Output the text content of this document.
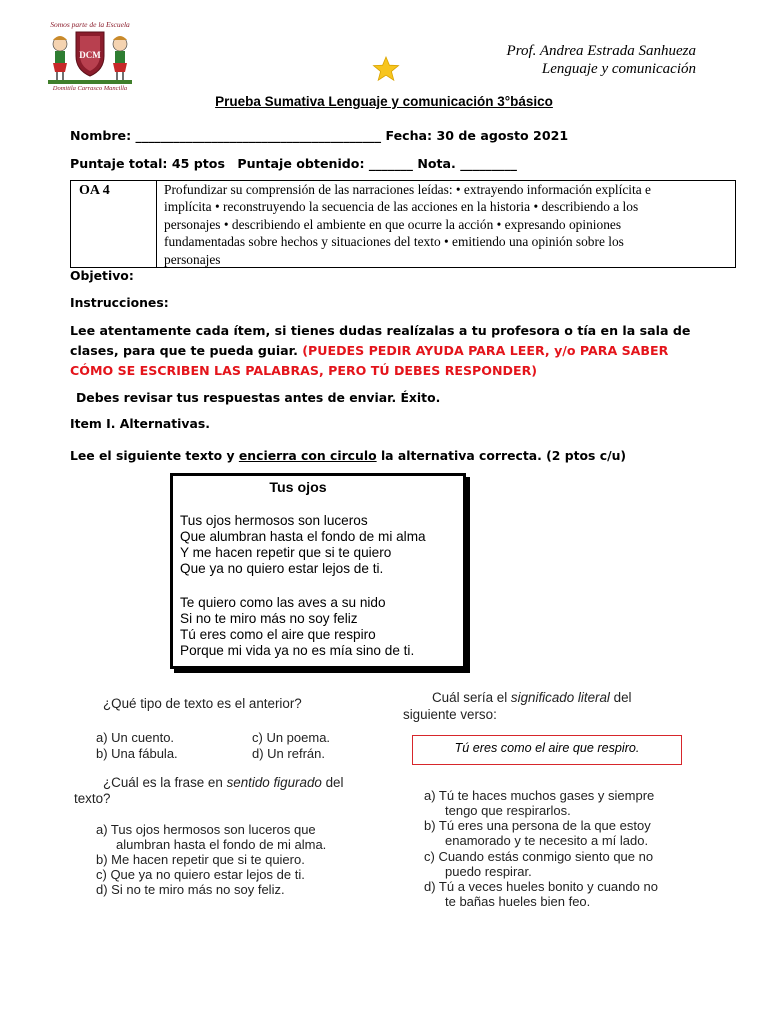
Somos parte de la Escuela
DCM
Domitila Carrasco Mancilla
Prof. Andrea Estrada Sanhueza
Lenguaje y comunicación
Prueba Sumativa Lenguaje y comunicación 3°básico
Nombre: _______________________________________ Fecha: 30 de agosto 2021
Puntaje total: 45 ptos Puntaje obtenido: _______ Nota. _________
OA 4	Profundizar su comprensión de las narraciones leídas: • extrayendo información explícita e
implícita • reconstruyendo la secuencia de las acciones en la historia • describiendo a los
personajes • describiendo el ambiente en que ocurre la acción • expresando opiniones
fundamentadas sobre hechos y situaciones del texto • emitiendo una opinión sobre los
personajes
Objetivo:
Instrucciones:
Lee atentamente cada ítem, si tienes dudas realízalas a tu profesora o tía en la sala de clases, para que te pueda guiar. (PUEDES PEDIR AYUDA PARA LEER, y/o PARA SABER CÓMO SE ESCRIBEN LAS PALABRAS, PERO TÚ DEBES RESPONDER)
Debes revisar tus respuestas antes de enviar. Éxito.
Item I. Alternativas.
Lee el siguiente texto y encierra con circulo la alternativa correcta. (2 ptos c/u)
Tus ojos
Tus ojos hermosos son luceros
Que alumbran hasta el fondo de mi alma
Y me hacen repetir que si te quiero
Que ya no quiero estar lejos de ti.
Te quiero como las aves a su nido
Si no te miro más no soy feliz
Tú eres como el aire que respiro
Porque mi vida ya no es mía sino de ti.
¿Qué tipo de texto es el anterior?
a) Un cuento.
b) Una fábula.
c) Un poema.
d) Un refrán.
¿Cuál es la frase en sentido figurado del
texto?
a) Tus ojos hermosos son luceros que
alumbran hasta el fondo de mi alma.
b) Me hacen repetir que si te quiero.
c) Que ya no quiero estar lejos de ti.
d) Si no te miro más no soy feliz.
Cuál sería el significado literal del
siguiente verso:
Tú eres como el aire que respiro.
a) Tú te haces muchos gases y siempre
tengo que respirarlos.
b) Tú eres una persona de la que estoy
enamorado y te necesito a mí lado.
c) Cuando estás conmigo siento que no
puedo respirar.
d) Tú a veces hueles bonito y cuando no
te bañas hueles bien feo.
